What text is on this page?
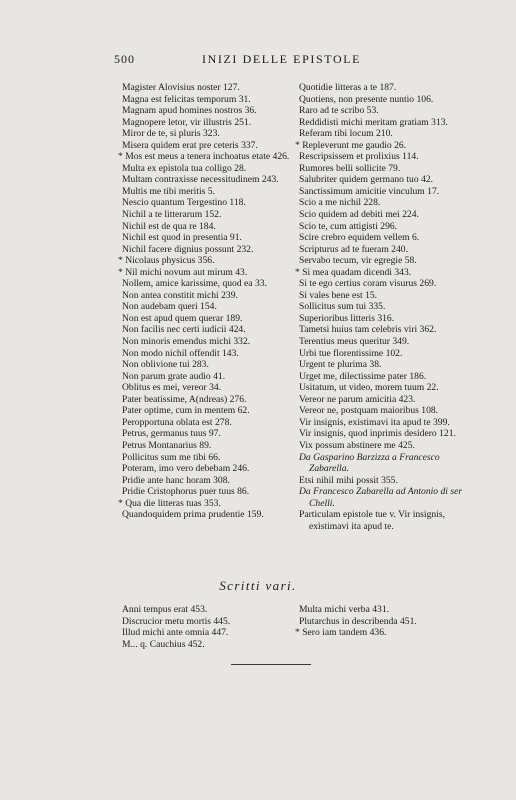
500	INIZI DELLE EPISTOLE
Magister Alovisius noster 127.
Magna est felicitas temporum 31.
Magnam apud homines nostros 36.
Magnopere letor, vir illustris 251.
Miror de te, si pluris 323.
Misera quidem erat pre ceteris 337.
* Mos est meus a tenera inchoatus etate 426.
Multa ex epistola tua colligo 28.
Multam contraxisse necessitudinem 243.
Multis me tibi meritis 5.
Nescio quantum Tergestino 118.
Nichil a te litterarum 152.
Nichil est de qua re 184.
Nichil est quod in presentia 91.
Nichil facere dignius possunt 232.
* Nicolaus physicus 356.
* Nil michi novum aut mirum 43.
Nollem, amice karissime, quod ea 33.
Non antea constitit michi 239.
Non audebam queri 154.
Non est apud quem querar 189.
Non facilis nec certi iudicii 424.
Non minoris emendus michi 332.
Non modo nichil offendit 143.
Non oblivione tui 283.
Non parum grate audio 41.
Oblitus es mei, vereor 34.
Pater beatissime, A(ndreas) 276.
Pater optime, cum in mentem 62.
Peropportuna oblata est 278.
Petrus, germanus tuus 97.
Petrus Montanarius 89.
Pollicitus sum me tibi 66.
Poteram, imo vero debebam 246.
Pridie ante hanc horam 308.
Pridie Cristophorus puer tuus 86.
* Qua die litteras tuas 353.
Quandoquidem prima prudentie 159.
Quotidie litteras a te 187.
Quotiens, non presente nuntio 106.
Raro ad te scribo 53.
Reddidisti michi meritam gratiam 313.
Referam tibi locum 210.
* Repleverunt me gaudio 26.
Rescripsissem et prolixius 114.
Rumores belli sollicite 79.
Salubriter quidem germano tuo 42.
Sanctissimum amicitie vinculum 17.
Scio a me nichil 228.
Scio quidem ad debiti mei 224.
Scio te, cum attigisti 296.
Scire crebro equidem vellem 6.
Scripturus ad te fueram 240.
Servabo tecum, vir egregie 58.
* Si mea quadam dicendi 343.
Si te ego certius coram visurus 269.
Si vales bene est 15.
Sollicitus sum tui 335.
Superioribus litteris 316.
Tametsi huius tam celebris viri 362.
Terentius meus queritur 349.
Urbi tue florentissime 102.
Urgent te plurima 38.
Urget me, dilectissime pater 186.
Usitatum, ut video, morem tuum 22.
Vereor ne parum amicitia 423.
Vereor ne, postquam maioribus 108.
Vir insignis, existimavi ita apud te 399.
Vir insignis, quod inprimis desidero 121.
Vix possum abstinere me 425.
Da Gasparino Barzizza a Francesco Zabarella.
Etsi nihil mihi possit 355.
Da Francesco Zabarella ad Antonio di ser Chelli.
Particulam epistole tue v. Vir insignis, existimavi ita apud te.
Scritti vari.
Anni tempus erat 453.
Discrucior metu mortis 445.
Illud michi ante omnia 447.
M... q. Cauchius 452.
Multa michi verba 431.
Plutarchus in describenda 451.
* Sero iam tandem 436.
